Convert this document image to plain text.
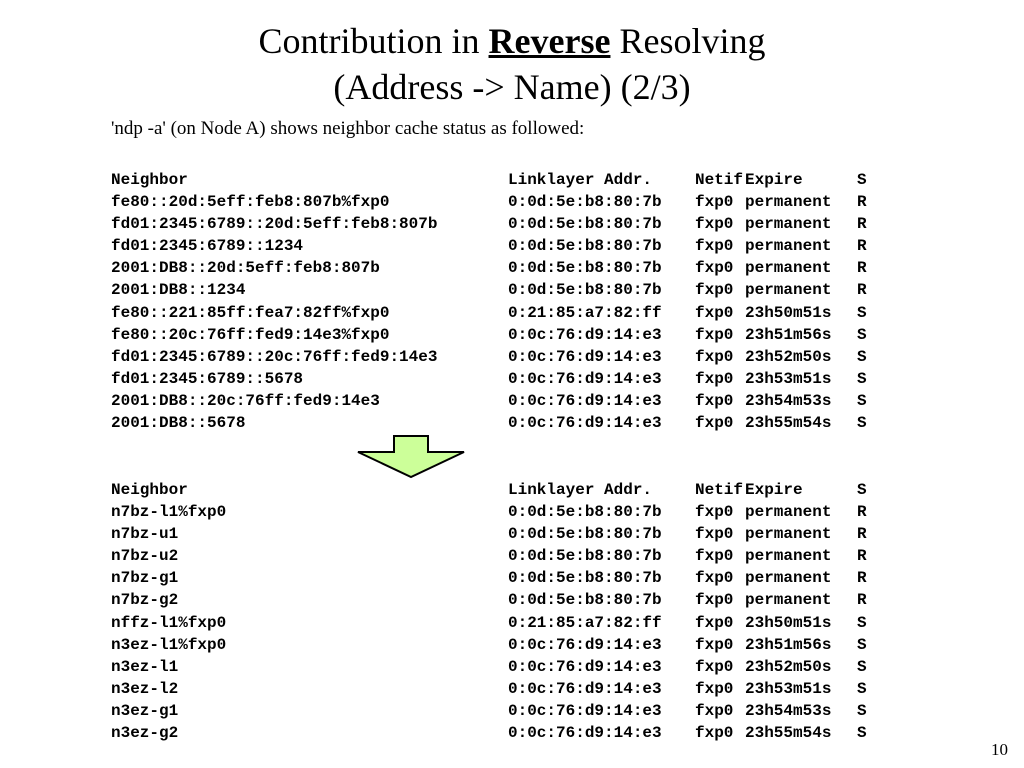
Contribution in Reverse Resolving
(Address -> Name) (2/3)
'ndp -a' (on Node A) shows neighbor cache status as followed:
Neighbor	Linklayer Addr.	Netif Expire	S
fe80::20d:5eff:feb8:807b%fxp0	0:0d:5e:b8:80:7b	fxp0 permanent	R
fd01:2345:6789::20d:5eff:feb8:807b	0:0d:5e:b8:80:7b	fxp0 permanent	R
fd01:2345:6789::1234	0:0d:5e:b8:80:7b	fxp0 permanent	R
2001:DB8::20d:5eff:feb8:807b	0:0d:5e:b8:80:7b	fxp0 permanent	R
2001:DB8::1234	0:0d:5e:b8:80:7b	fxp0 permanent	R
fe80::221:85ff:fea7:82ff%fxp0	0:21:85:a7:82:ff	fxp0 23h50m51s	S
fe80::20c:76ff:fed9:14e3%fxp0	0:0c:76:d9:14:e3	fxp0 23h51m56s	S
fd01:2345:6789::20c:76ff:fed9:14e3	0:0c:76:d9:14:e3	fxp0 23h52m50s	S
fd01:2345:6789::5678	0:0c:76:d9:14:e3	fxp0 23h53m51s	S
2001:DB8::20c:76ff:fed9:14e3	0:0c:76:d9:14:e3	fxp0 23h54m53s	S
2001:DB8::5678	0:0c:76:d9:14:e3	fxp0 23h55m54s	S
Neighbor	Linklayer Addr.	Netif Expire	S
n7bz-l1%fxp0	0:0d:5e:b8:80:7b	fxp0 permanent	R
n7bz-u1	0:0d:5e:b8:80:7b	fxp0 permanent	R
n7bz-u2	0:0d:5e:b8:80:7b	fxp0 permanent	R
n7bz-g1	0:0d:5e:b8:80:7b	fxp0 permanent	R
n7bz-g2	0:0d:5e:b8:80:7b	fxp0 permanent	R
nffz-l1%fxp0	0:21:85:a7:82:ff	fxp0 23h50m51s	S
n3ez-l1%fxp0	0:0c:76:d9:14:e3	fxp0 23h51m56s	S
n3ez-l1	0:0c:76:d9:14:e3	fxp0 23h52m50s	S
n3ez-l2	0:0c:76:d9:14:e3	fxp0 23h53m51s	S
n3ez-g1	0:0c:76:d9:14:e3	fxp0 23h54m53s	S
n3ez-g2	0:0c:76:d9:14:e3	fxp0 23h55m54s	S
10
